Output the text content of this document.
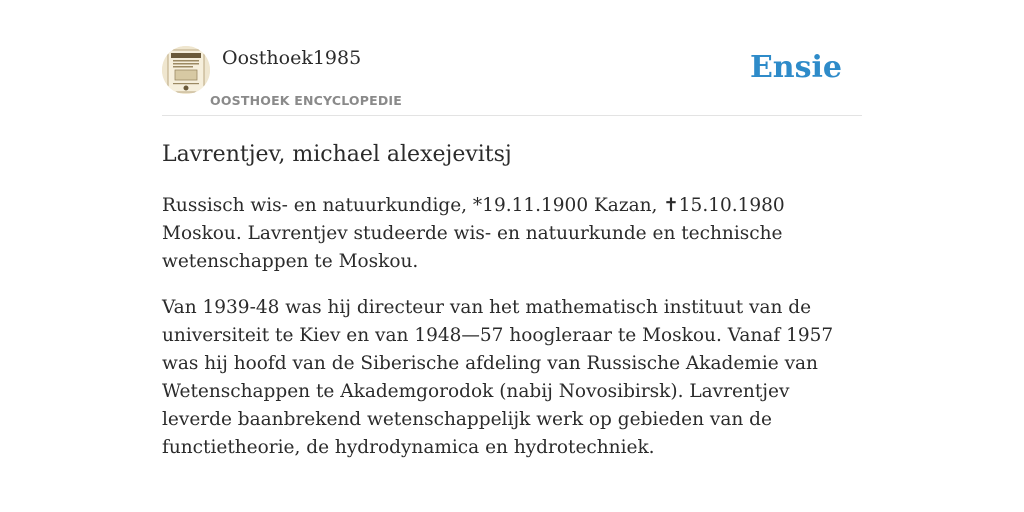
Oosthoek1985
OOSTHOEK ENCYCLOPEDIE
Ensie
Lavrentjev, michael alexejevitsj

Russisch wis- en natuurkundige, *19.11.1900 Kazan, ✝15.10.1980 Moskou. Lavrentjev studeerde wis- en natuurkunde en technische wetenschappen te Moskou.

Van 1939-48 was hij directeur van het mathematisch instituut van de universiteit te Kiev en van 1948—57 hoogleraar te Moskou. Vanaf 1957 was hij hoofd van de Siberische afdeling van Russische Akademie van Wetenschappen te Akademgorodok (nabij Novosibirsk). Lavrentjev leverde baanbrekend wetenschappelijk werk op gebieden van de functietheorie, de hydrodynamica en hydrotechniek.
